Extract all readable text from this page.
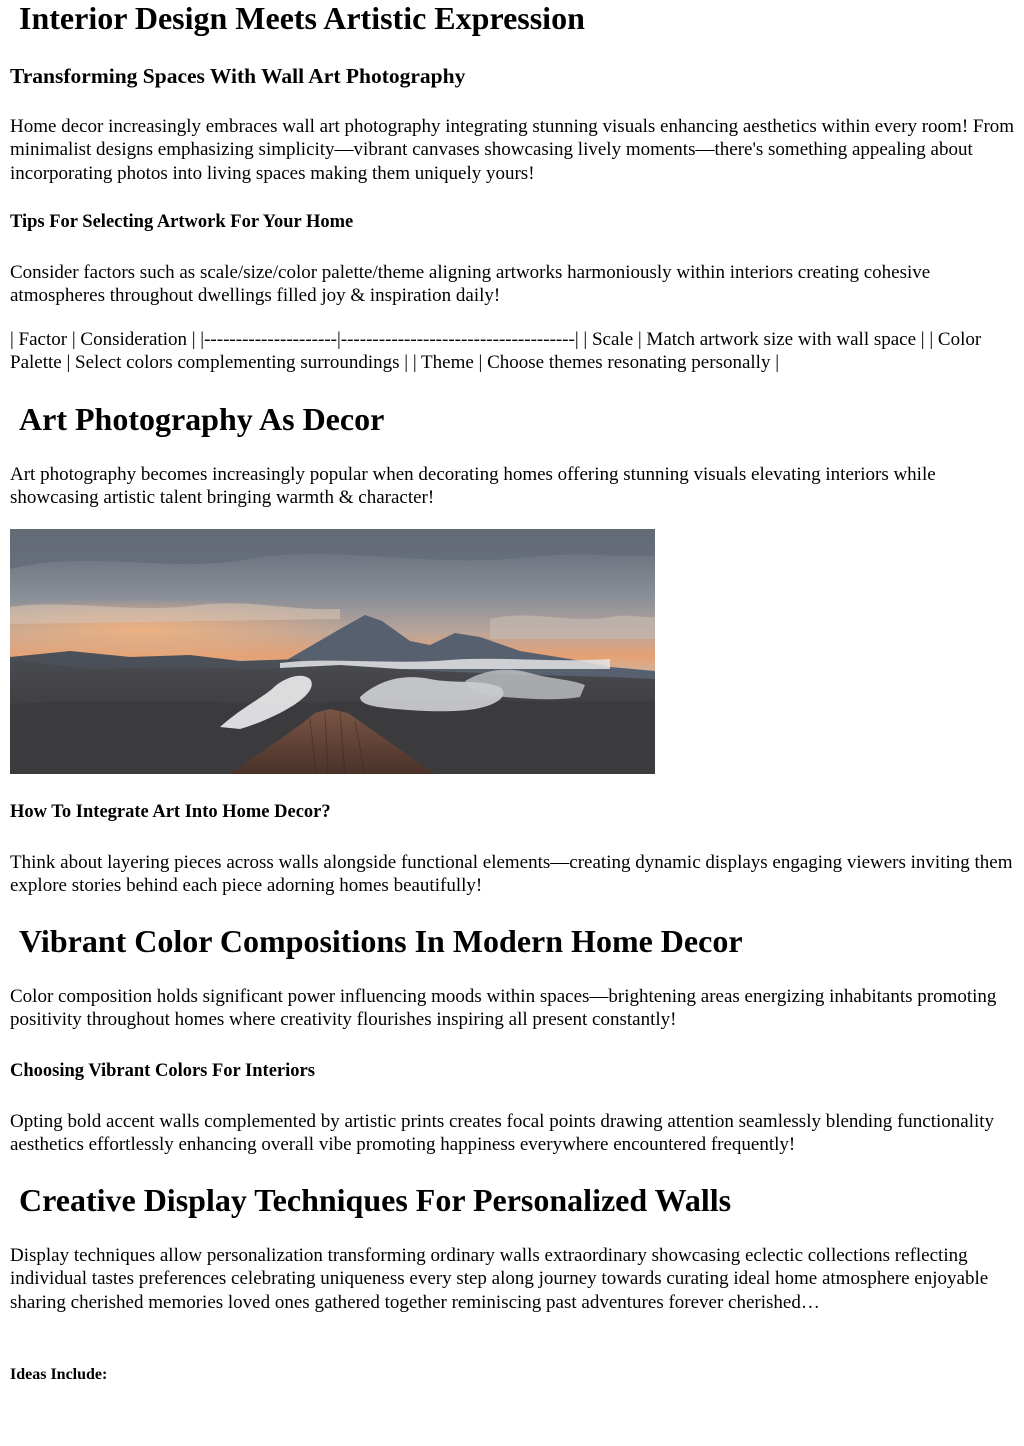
Interior Design Meets Artistic Expression
Transforming Spaces With Wall Art Photography

Home decor increasingly embraces wall art photography integrating stunning visuals enhancing aesthetics within every room! From minimalist designs emphasizing simplicity—vibrant canvases showcasing lively moments—there's something appealing about incorporating photos into living spaces making them uniquely yours!

Tips For Selecting Artwork For Your Home

Consider factors such as scale/size/color palette/theme aligning artworks harmoniously within interiors creating cohesive atmospheres throughout dwellings filled joy & inspiration daily!

| Factor | Consideration | |---------------------|-------------------------------------| | Scale | Match artwork size with wall space | | Color Palette | Select colors complementing surroundings | | Theme | Choose themes resonating personally |

Art Photography As Decor

Art photography becomes increasingly popular when decorating homes offering stunning visuals elevating interiors while showcasing artistic talent bringing warmth & character!

How To Integrate Art Into Home Decor?

Think about layering pieces across walls alongside functional elements—creating dynamic displays engaging viewers inviting them explore stories behind each piece adorning homes beautifully!

Vibrant Color Compositions In Modern Home Decor

Color composition holds significant power influencing moods within spaces—brightening areas energizing inhabitants promoting positivity throughout homes where creativity flourishes inspiring all present constantly!

Choosing Vibrant Colors For Interiors

Opting bold accent walls complemented by artistic prints creates focal points drawing attention seamlessly blending functionality aesthetics effortlessly enhancing overall vibe promoting happiness everywhere encountered frequently!

Creative Display Techniques For Personalized Walls

Display techniques allow personalization transforming ordinary walls extraordinary showcasing eclectic collections reflecting individual tastes preferences celebrating uniqueness every step along journey towards curating ideal home atmosphere enjoyable sharing cherished memories loved ones gathered together reminiscing past adventures forever cherished…

Ideas Include:
